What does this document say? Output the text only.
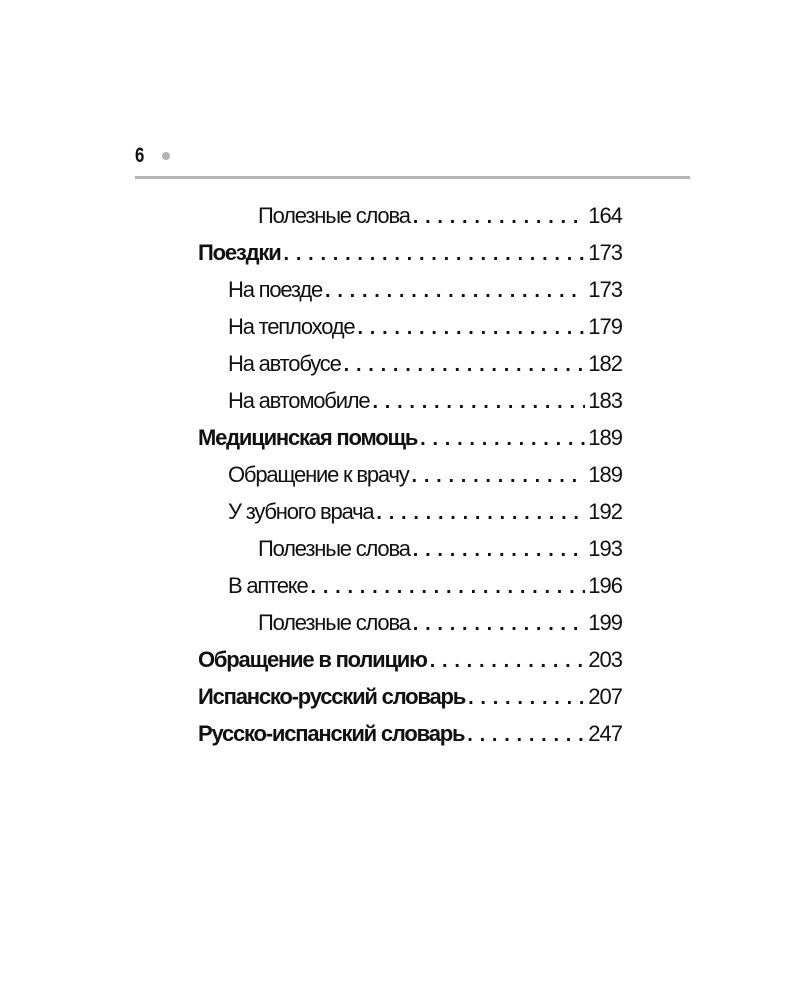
6
Полезные слова . . .	164
Поездки . . .	173
На поезде . . .	173
На теплоходе . . .	179
На автобусе . . .	182
На автомобиле . . .	183
Медицинская помощь . . .	189
Обращение к врачу . . .	189
У зубного врача . . .	192
Полезные слова . . .	193
В аптеке . . .	196
Полезные слова . . .	199
Обращение в полицию . . .	203
Испанско-русский словарь . . .	207
Русско-испанский словарь . . .	247
